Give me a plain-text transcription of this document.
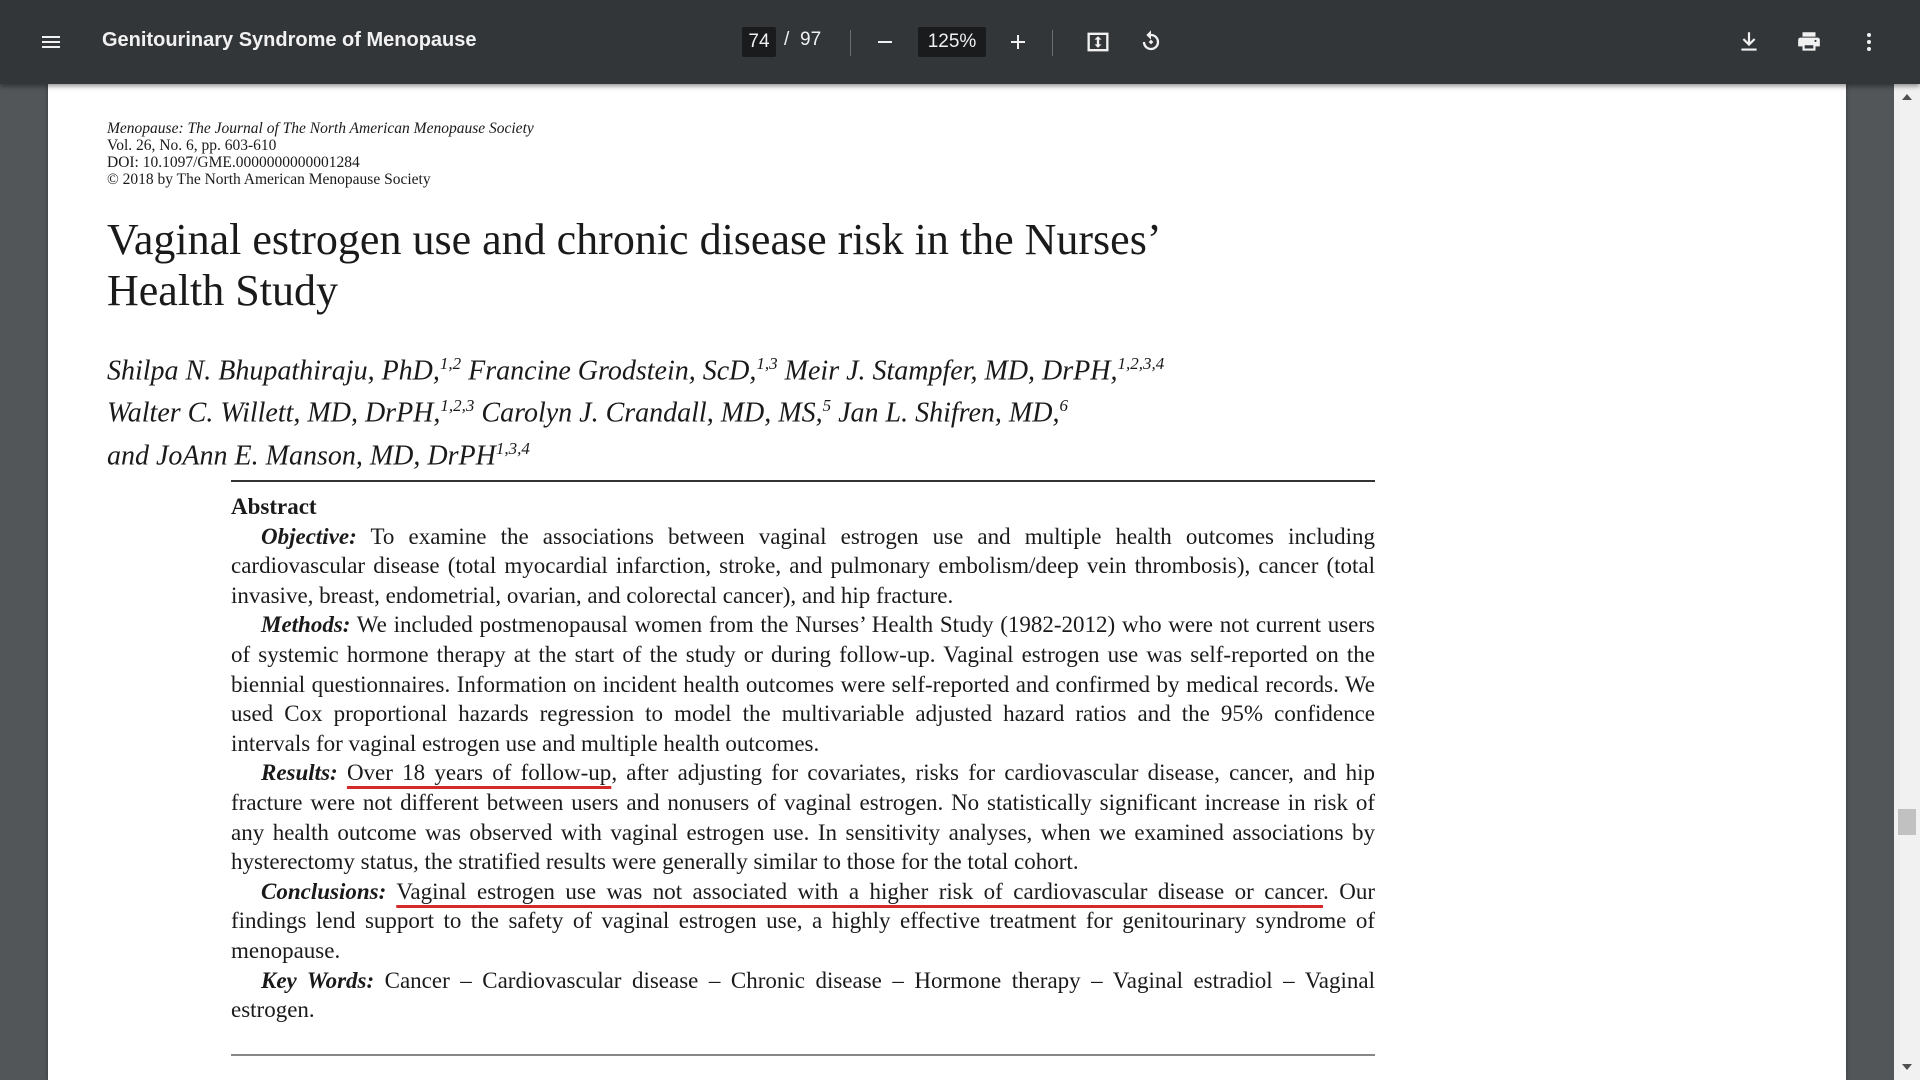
Genitourinary Syndrome of Menopause	74 / 97	125%
Menopause: The Journal of The North American Menopause Society
Vol. 26, No. 6, pp. 603-610
DOI: 10.1097/GME.0000000000001284
© 2018 by The North American Menopause Society
Vaginal estrogen use and chronic disease risk in the Nurses’
Health Study
Shilpa N. Bhupathiraju, PhD,$^{1,2}$ Francine Grodstein, ScD,$^{1,3}$ Meir J. Stampfer, MD, DrPH,$^{1,2,3,4}$
Walter C. Willett, MD, DrPH,$^{1,2,3}$ Carolyn J. Crandall, MD, MS,$^5$ Jan L. Shifren, MD,$^6$
and JoAnn E. Manson, MD, DrPH$^{1,3,4}$
Abstract

Objective: To examine the associations between vaginal estrogen use and multiple health outcomes including cardiovascular disease (total myocardial infarction, stroke, and pulmonary embolism/deep vein thrombosis), cancer (total invasive, breast, endometrial, ovarian, and colorectal cancer), and hip fracture.

Methods: We included postmenopausal women from the Nurses’ Health Study (1982-2012) who were not current users of systemic hormone therapy at the start of the study or during follow-up. Vaginal estrogen use was self-reported on the biennial questionnaires. Information on incident health outcomes were self-reported and confirmed by medical records. We used Cox proportional hazards regression to model the multivariable adjusted hazard ratios and the 95% confidence intervals for vaginal estrogen use and multiple health outcomes.

Results: Over 18 years of follow-up, after adjusting for covariates, risks for cardiovascular disease, cancer, and hip fracture were not different between users and nonusers of vaginal estrogen. No statistically significant increase in risk of any health outcome was observed with vaginal estrogen use. In sensitivity analyses, when we examined associations by hysterectomy status, the stratified results were generally similar to those for the total cohort.

Conclusions: Vaginal estrogen use was not associated with a higher risk of cardiovascular disease or cancer. Our findings lend support to the safety of vaginal estrogen use, a highly effective treatment for genitourinary syndrome of menopause.

Key Words: Cancer – Cardiovascular disease – Chronic disease – Hormone therapy – Vaginal estradiol – Vaginal estrogen.
